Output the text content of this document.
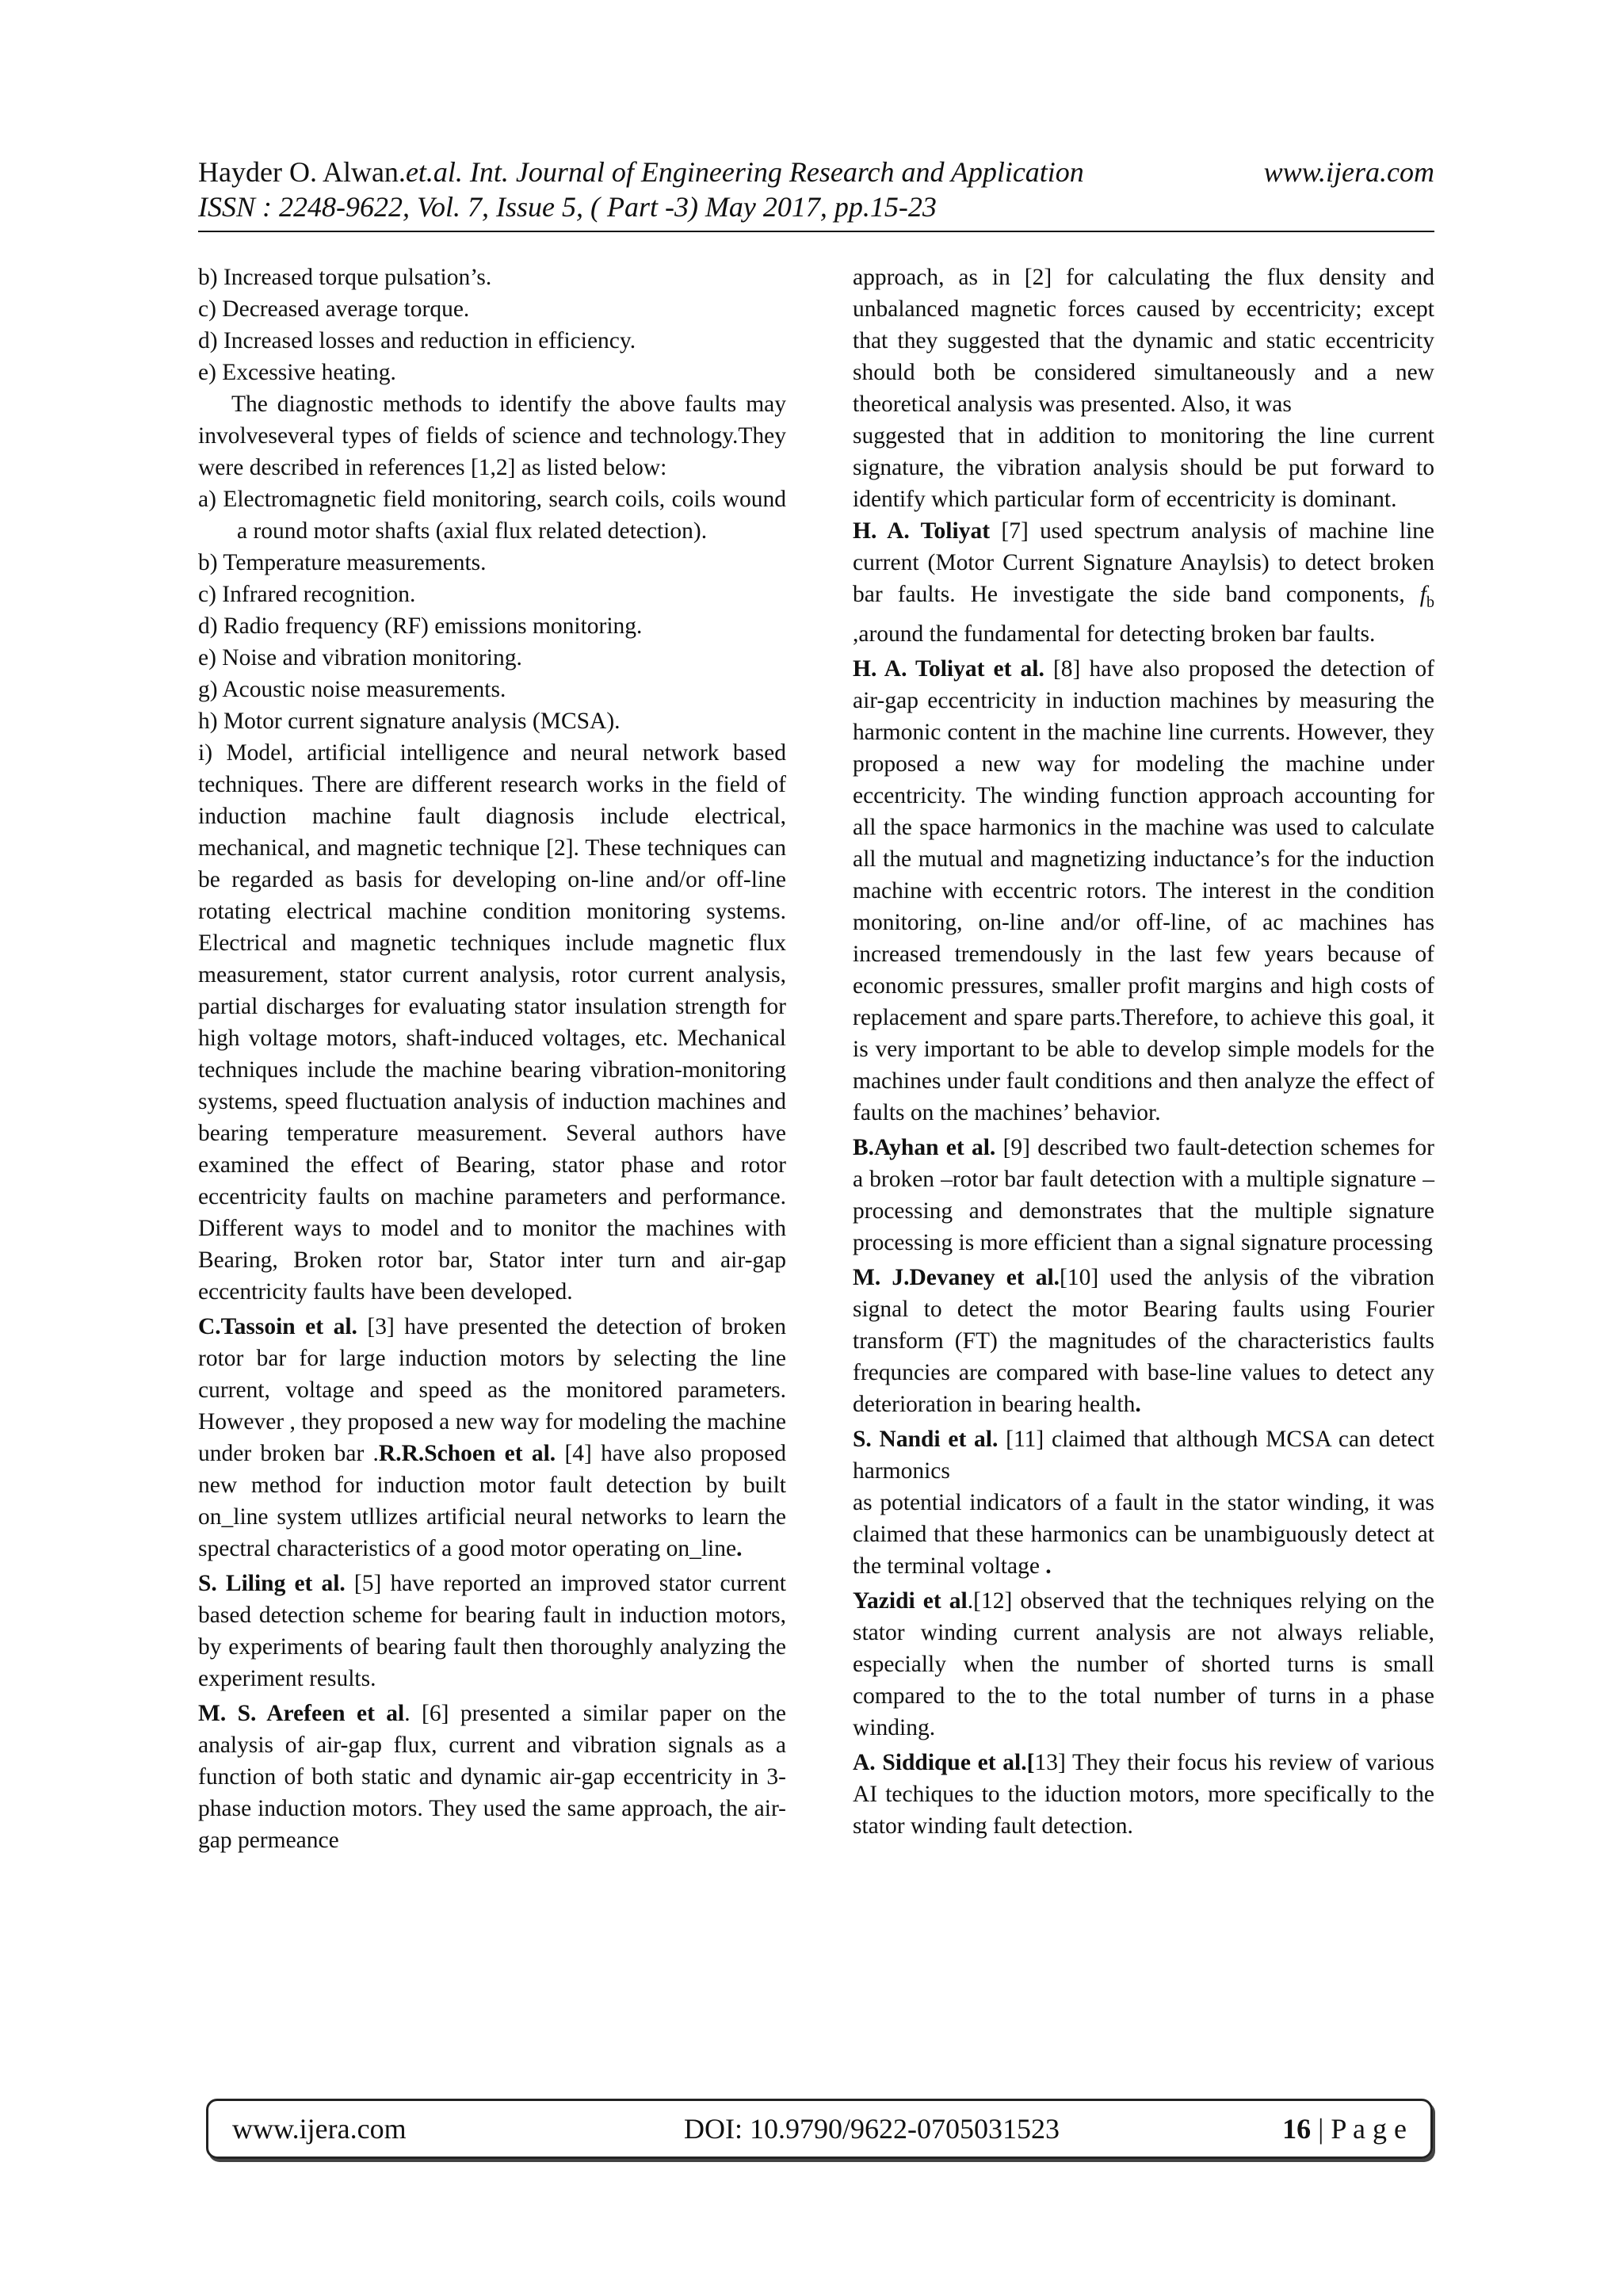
Hayder O. Alwan.et.al. Int. Journal of Engineering Research and Application	www.ijera.com
ISSN : 2248-9622, Vol. 7, Issue 5, ( Part -3) May 2017, pp.15-23

b) Increased torque pulsation’s.

c) Decreased average torque.

d) Increased losses and reduction in efficiency.

e) Excessive heating.

The diagnostic methods to identify the above faults may involveseveral types of fields of science and technology.They were described in references [1,2] as listed below:

a) Electromagnetic field monitoring, search coils, coils wound a round motor shafts (axial flux related detection).

b) Temperature measurements.

c) Infrared recognition.

d) Radio frequency (RF) emissions monitoring.

e) Noise and vibration monitoring.

g) Acoustic noise measurements.

h) Motor current signature analysis (MCSA).

i) Model, artificial intelligence and neural network based techniques. There are different research works in the field of induction machine fault diagnosis include electrical, mechanical, and magnetic technique [2]. These techniques can be regarded as basis for developing on-line and/or off-line rotating electrical machine condition monitoring systems. Electrical and magnetic techniques include magnetic flux measurement, stator current analysis, rotor current analysis, partial discharges for evaluating stator insulation strength for high voltage motors, shaft-induced voltages, etc. Mechanical techniques include the machine bearing vibration-monitoring systems, speed fluctuation analysis of induction machines and bearing temperature measurement. Several authors have examined the effect of Bearing, stator phase and rotor eccentricity faults on machine parameters and performance. Different ways to model and to monitor the machines with Bearing, Broken rotor bar, Stator inter turn and air-gap eccentricity faults have been developed.

C.Tassoin et al. [3] have presented the detection of broken rotor bar for large induction motors by selecting the line current, voltage and speed as the monitored parameters. However , they proposed a new way for modeling the machine under broken bar .R.R.Schoen et al. [4] have also proposed new method for induction motor fault detection by built on_line system utllizes artificial neural networks to learn the spectral characteristics of a good motor operating on_line.

S. Liling et al. [5] have reported an improved stator current based detection scheme for bearing fault in induction motors, by experiments of bearing fault then thoroughly analyzing the experiment results.

M. S. Arefeen et al. [6] presented a similar paper on the analysis of air-gap flux, current and vibration signals as a function of both static and dynamic air-gap eccentricity in 3-phase induction motors. They used the same approach, the air-gap permeance

approach, as in [2] for calculating the flux density and unbalanced magnetic forces caused by eccentricity; except that they suggested that the dynamic and static eccentricity should both be considered simultaneously and a new theoretical analysis was presented. Also, it was

suggested that in addition to monitoring the line current signature, the vibration analysis should be put forward to identify which particular form of eccentricity is dominant.

H. A. Toliyat [7] used spectrum analysis of machine line current (Motor Current Signature Anaylsis) to detect broken bar faults. He investigate the side band components, $f_b$ ,around the fundamental for detecting broken bar faults.

H. A. Toliyat et al. [8] have also proposed the detection of air-gap eccentricity in induction machines by measuring the harmonic content in the machine line currents. However, they proposed a new way for modeling the machine under eccentricity. The winding function approach accounting for all the space harmonics in the machine was used to calculate all the mutual and magnetizing inductance’s for the induction machine with eccentric rotors. The interest in the condition monitoring, on-line and/or off-line, of ac machines has increased tremendously in the last few years because of economic pressures, smaller profit margins and high costs of replacement and spare parts.Therefore, to achieve this goal, it is very important to be able to develop simple models for the machines under fault conditions and then analyze the effect of faults on the machines’ behavior.

B.Ayhan et al. [9] described two fault-detection schemes for a broken –rotor bar fault detection with a multiple signature –processing and demonstrates that the multiple signature processing is more efficient than a signal signature processing

M. J.Devaney et al.[10] used the anlysis of the vibration signal to detect the motor Bearing faults using Fourier transform (FT) the magnitudes of the characteristics faults frequncies are compared with base-line values to detect any deterioration in bearing health.

S. Nandi et al. [11] claimed that although MCSA can detect harmonics

as potential indicators of a fault in the stator winding, it was claimed that these harmonics can be unambiguously detect at the terminal voltage .

Yazidi et al.[12] observed that the techniques relying on the stator winding current analysis are not always reliable, especially when the number of shorted turns is small compared to the to the total number of turns in a phase winding.

A. Siddique et al.[13] They their focus his review of various AI techiques to the iduction motors, more specifically to the stator winding fault detection.

www.ijera.com	DOI: 10.9790/9622-0705031523	16 | P a g e
